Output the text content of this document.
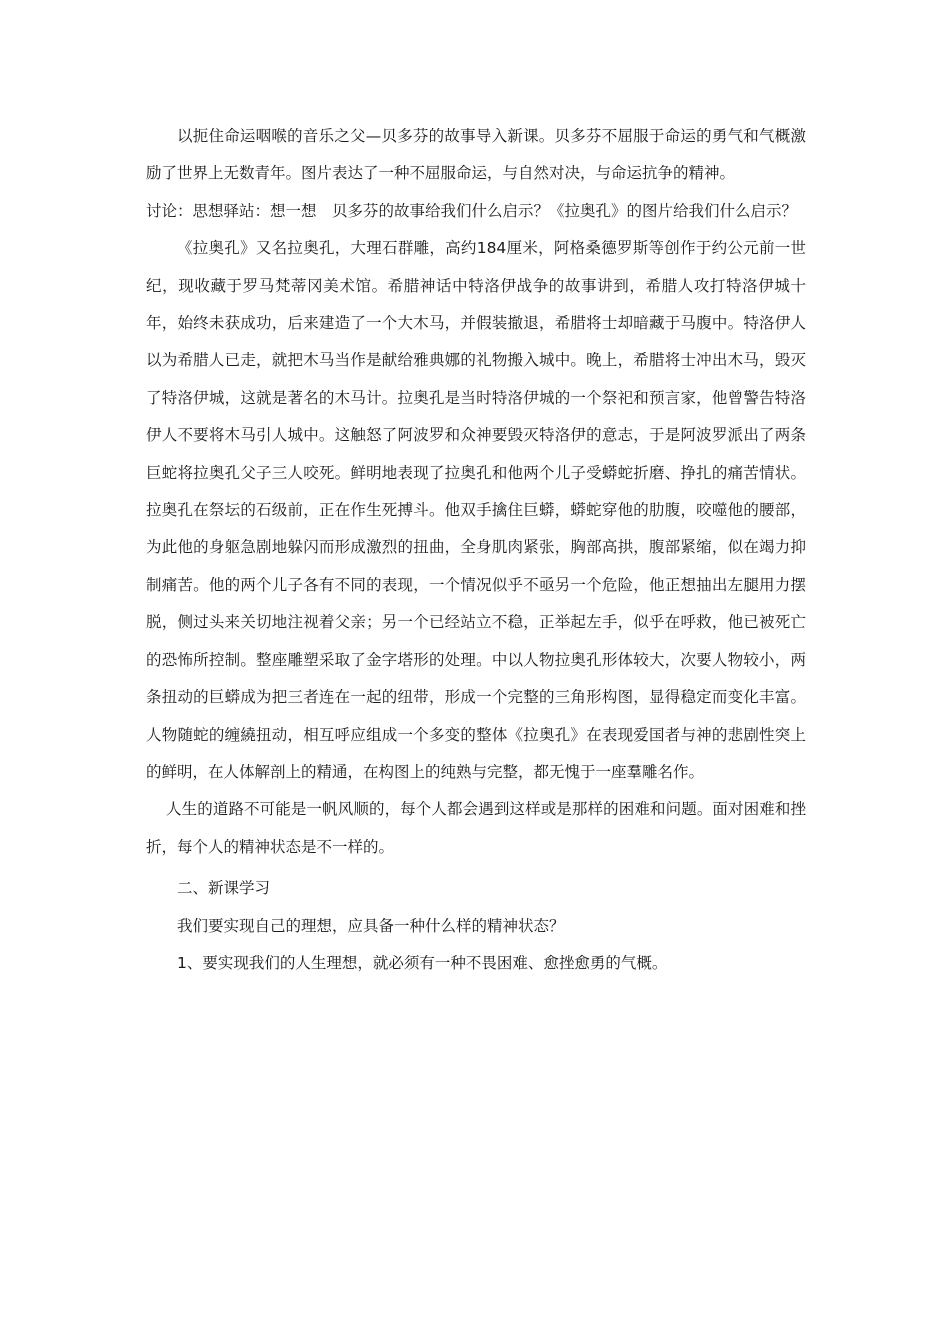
以扼住命运咽喉的音乐之父—贝多芬的故事导入新课。贝多芬不屈服于命运的勇气和气概激励了世界上无数青年。图片表达了一种不屈服命运，与自然对决，与命运抗争的精神。

讨论：思想驿站：想一想　贝多芬的故事给我们什么启示？《拉奥孔》的图片给我们什么启示？

《拉奥孔》又名拉奥孔，大理石群雕，高约184厘米，阿格桑德罗斯等创作于约公元前一世纪，现收藏于罗马梵蒂冈美术馆。希腊神话中特洛伊战争的故事讲到，希腊人攻打特洛伊城十年，始终未获成功，后来建造了一个大木马，并假装撤退，希腊将士却暗藏于马腹中。特洛伊人以为希腊人已走，就把木马当作是献给雅典娜的礼物搬入城中。晚上，希腊将士冲出木马，毁灭了特洛伊城，这就是著名的木马计。拉奥孔是当时特洛伊城的一个祭祀和预言家，他曾警告特洛伊人不要将木马引人城中。这触怒了阿波罗和众神要毁灭特洛伊的意志，于是阿波罗派出了两条巨蛇将拉奥孔父子三人咬死。鲜明地表现了拉奥孔和他两个儿子受蟒蛇折磨、挣扎的痛苦情状。拉奥孔在祭坛的石级前，正在作生死搏斗。他双手擒住巨蟒，蟒蛇穿他的肋腹，咬噬他的腰部，为此他的身躯急剧地躲闪而形成激烈的扭曲，全身肌肉紧张，胸部高拱，腹部紧缩，似在竭力抑制痛苦。他的两个儿子各有不同的表现，一个情况似乎不亟另一个危险，他正想抽出左腿用力摆脱，侧过头来关切地注视着父亲；另一个已经站立不稳，正举起左手，似乎在呼救，他已被死亡的恐怖所控制。整座雕塑采取了金字塔形的处理。中以人物拉奥孔形体较大，次要人物较小，两条扭动的巨蟒成为把三者连在一起的纽带，形成一个完整的三角形构图，显得稳定而变化丰富。人物随蛇的缠繞扭动，相互呼应组成一个多变的整体《拉奥孔》在表现爱国者与神的悲剧性突上的鲜明，在人体解剖上的精通，在构图上的纯熟与完整，都无愧于一座羣雕名作。

人生的道路不可能是一帆风顺的，每个人都会遇到这样或是那样的困难和问题。面对困难和挫折，每个人的精神状态是不一样的。

二、新课学习

我们要实现自己的理想，应具备一种什么样的精神状态？

1、要实现我们的人生理想，就必须有一种不畏困难、愈挫愈勇的气概。
